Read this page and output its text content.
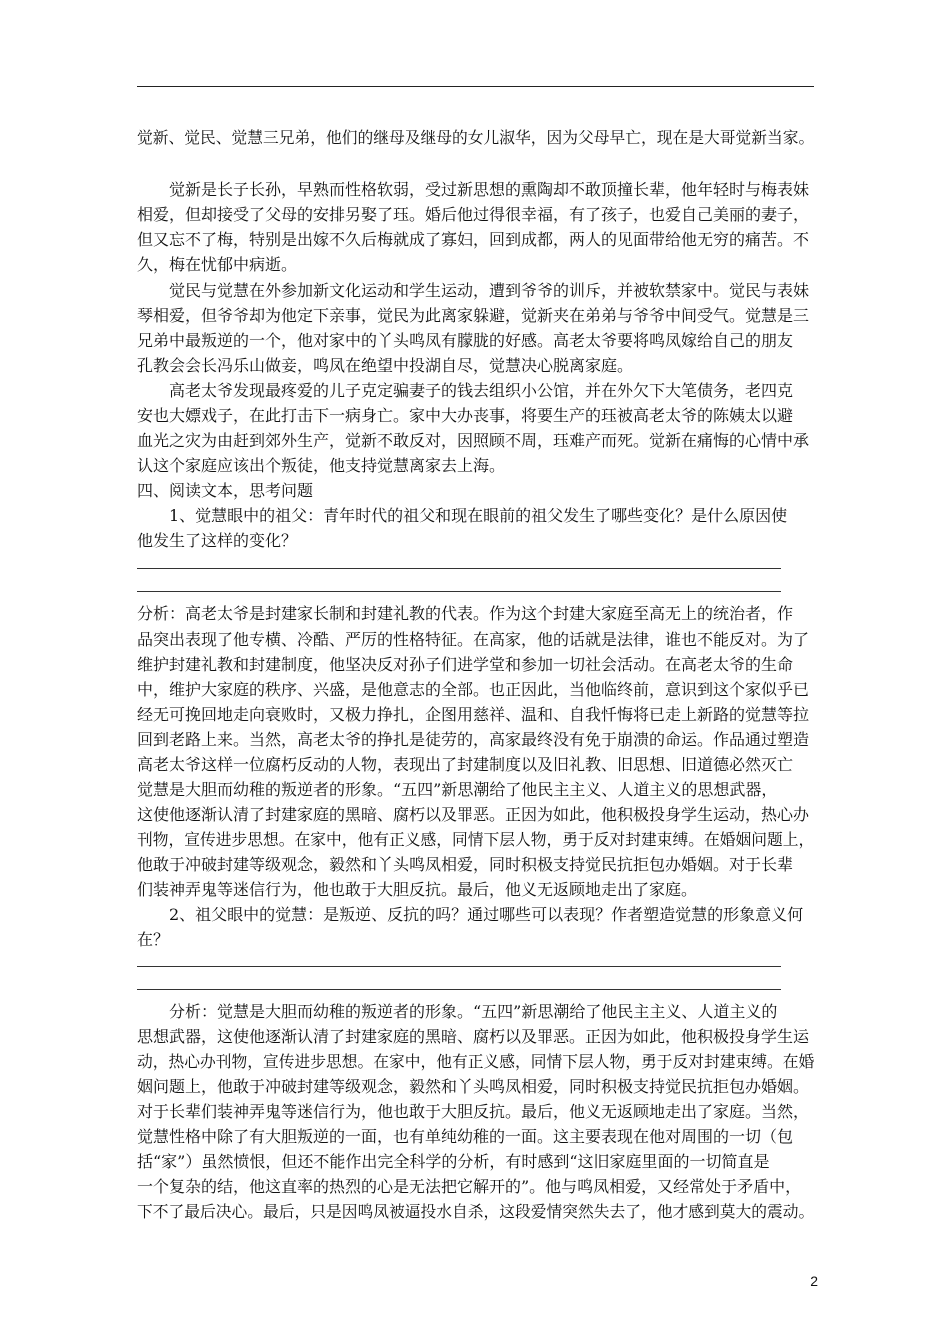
觉新、觉民、觉慧三兄弟，他们的继母及继母的女儿淑华，因为父母早亡，现在是大哥觉新当家。
　　觉新是长子长孙，早熟而性格软弱，受过新思想的熏陶却不敢顶撞长辈，他年轻时与梅表妹
相爱，但却接受了父母的安排另娶了珏。婚后他过得很幸福，有了孩子，也爱自己美丽的妻子，
但又忘不了梅，特别是出嫁不久后梅就成了寡妇，回到成都，两人的见面带给他无穷的痛苦。不
久，梅在忧郁中病逝。
　　觉民与觉慧在外参加新文化运动和学生运动，遭到爷爷的训斥，并被软禁家中。觉民与表妹
琴相爱，但爷爷却为他定下亲事，觉民为此离家躲避，觉新夹在弟弟与爷爷中间受气。觉慧是三
兄弟中最叛逆的一个，他对家中的丫头鸣凤有朦胧的好感。高老太爷要将鸣凤嫁给自己的朋友
孔教会会长冯乐山做妾，鸣凤在绝望中投湖自尽，觉慧决心脱离家庭。
　　高老太爷发现最疼爱的儿子克定骗妻子的钱去组织小公馆，并在外欠下大笔债务，老四克
安也大嫖戏子，在此打击下一病身亡。家中大办丧事，将要生产的珏被高老太爷的陈姨太以避
血光之灾为由赶到郊外生产，觉新不敢反对，因照顾不周，珏难产而死。觉新在痛悔的心情中承
认这个家庭应该出个叛徒，他支持觉慧离家去上海。
四、阅读文本，思考问题
　　1、觉慧眼中的祖父：青年时代的祖父和现在眼前的祖父发生了哪些变化？是什么原因使
他发生了这样的变化？
分析：高老太爷是封建家长制和封建礼教的代表。作为这个封建大家庭至高无上的统治者，作
品突出表现了他专横、冷酷、严厉的性格特征。在高家，他的话就是法律，谁也不能反对。为了
维护封建礼教和封建制度，他坚决反对孙子们进学堂和参加一切社会活动。在高老太爷的生命
中，维护大家庭的秩序、兴盛，是他意志的全部。也正因此，当他临终前，意识到这个家似乎已
经无可挽回地走向衰败时，又极力挣扎，企图用慈祥、温和、自我忏悔将已走上新路的觉慧等拉
回到老路上来。当然，高老太爷的挣扎是徒劳的，高家最终没有免于崩溃的命运。作品通过塑造
高老太爷这样一位腐朽反动的人物，表现出了封建制度以及旧礼教、旧思想、旧道德必然灭亡
觉慧是大胆而幼稚的叛逆者的形象。“五四”新思潮给了他民主主义、人道主义的思想武器，
这使他逐渐认清了封建家庭的黑暗、腐朽以及罪恶。正因为如此，他积极投身学生运动，热心办
刊物，宣传进步思想。在家中，他有正义感，同情下层人物，勇于反对封建束缚。在婚姻问题上，
他敢于冲破封建等级观念，毅然和丫头鸣凤相爱，同时积极支持觉民抗拒包办婚姻。对于长辈
们装神弄鬼等迷信行为，他也敢于大胆反抗。最后，他义无返顾地走出了家庭。
　　2、祖父眼中的觉慧：是叛逆、反抗的吗？通过哪些可以表现？作者塑造觉慧的形象意义何
在？
　　分析：觉慧是大胆而幼稚的叛逆者的形象。“五四”新思潮给了他民主主义、人道主义的
思想武器，这使他逐渐认清了封建家庭的黑暗、腐朽以及罪恶。正因为如此，他积极投身学生运
动，热心办刊物，宣传进步思想。在家中，他有正义感，同情下层人物，勇于反对封建束缚。在婚
姻问题上，他敢于冲破封建等级观念，毅然和丫头鸣凤相爱，同时积极支持觉民抗拒包办婚姻。
对于长辈们装神弄鬼等迷信行为，他也敢于大胆反抗。最后，他义无返顾地走出了家庭。当然，
觉慧性格中除了有大胆叛逆的一面，也有单纯幼稚的一面。这主要表现在他对周围的一切（包
括“家”）虽然愤恨，但还不能作出完全科学的分析，有时感到“这旧家庭里面的一切简直是
一个复杂的结，他这直率的热烈的心是无法把它解开的”。他与鸣凤相爱，又经常处于矛盾中，
下不了最后决心。最后，只是因鸣凤被逼投水自杀，这段爱情突然失去了，他才感到莫大的震动。
2
